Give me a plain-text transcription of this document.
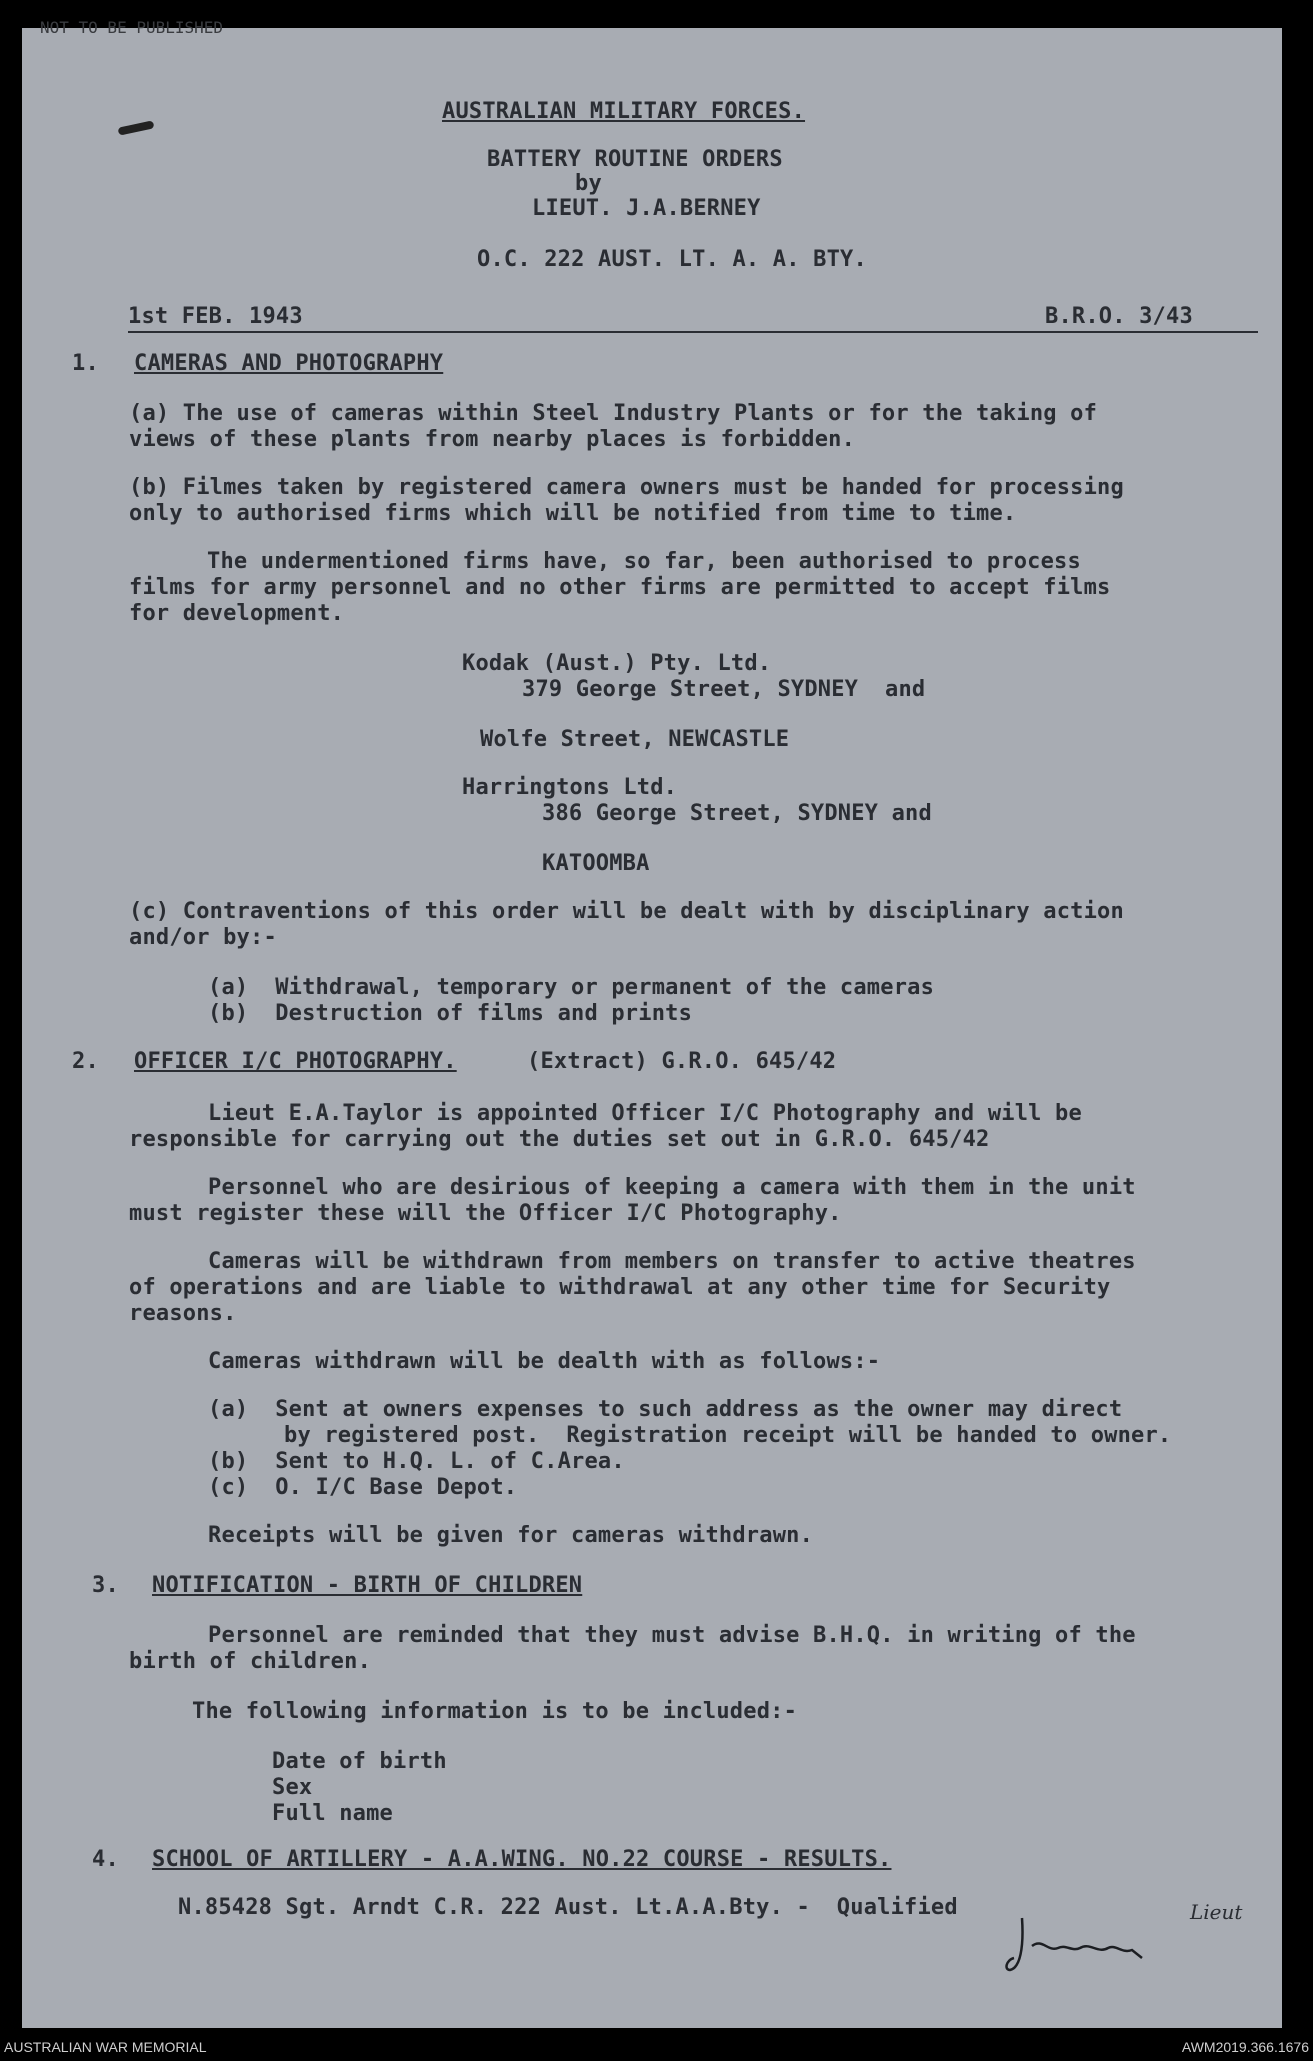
NOT TO BE PUBLISHED
AUSTRALIAN MILITARY FORCES.
BATTERY ROUTINE ORDERS
by
LIEUT. J.A.BERNEY
O.C. 222 AUST. LT. A. A. BTY.
1st FEB. 1943	B.R.O. 3/43
1. CAMERAS AND PHOTOGRAPHY
(a) The use of cameras within Steel Industry Plants or for the taking of
views of these plants from nearby places is forbidden.
(b) Filmes taken by registered camera owners must be handed for processing
only to authorised firms which will be notified from time to time.
The undermentioned firms have, so far, been authorised to process
films for army personnel and no other firms are permitted to accept films
for development.
Kodak (Aust.) Pty. Ltd.
379 George Street, SYDNEY  and
Wolfe Street, NEWCASTLE
Harringtons Ltd.
386 George Street, SYDNEY and
KATOOMBA
(c) Contraventions of this order will be dealt with by disciplinary action
and/or by:-
(a)  Withdrawal, temporary or permanent of the cameras
(b)  Destruction of films and prints
2. OFFICER I/C PHOTOGRAPHY.	(Extract) G.R.O. 645/42
Lieut E.A.Taylor is appointed Officer I/C Photography and will be
responsible for carrying out the duties set out in G.R.O. 645/42
Personnel who are desirious of keeping a camera with them in the unit
must register these will the Officer I/C Photography.
Cameras will be withdrawn from members on transfer to active theatres
of operations and are liable to withdrawal at any other time for Security
reasons.
Cameras withdrawn will be dealth with as follows:-
(a)  Sent at owners expenses to such address as the owner may direct
by registered post.  Registration receipt will be handed to owner.
(b)  Sent to H.Q. L. of C.Area.
(c)  O. I/C Base Depot.
Receipts will be given for cameras withdrawn.
3. NOTIFICATION - BIRTH OF CHILDREN
Personnel are reminded that they must advise B.H.Q. in writing of the
birth of children.
The following information is to be included:-
Date of birth
Sex
Full name
4. SCHOOL OF ARTILLERY - A.A.WING. NO.22 COURSE - RESULTS.
N.85428 Sgt. Arndt C.R. 222 Aust. Lt.A.A.Bty. -  Qualified	Lieut
AUSTRALIAN WAR MEMORIAL	AWM2019.366.1676
